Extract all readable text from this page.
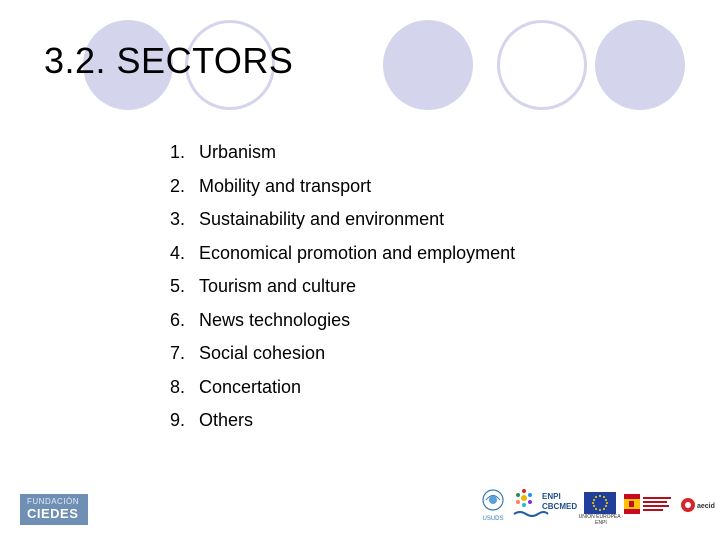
3.2. SECTORS
1. Urbanism
2. Mobility and transport
3. Sustainability and environment
4. Economical promotion and employment
5. Tourism and culture
6. News technologies
7. Social cohesion
8. Concertation
9. Others
FUNDACIÓN
CIEDES	USUDS
ENPI
CBCMED
UNIÓN EUROPEA · ENPI
aecid
